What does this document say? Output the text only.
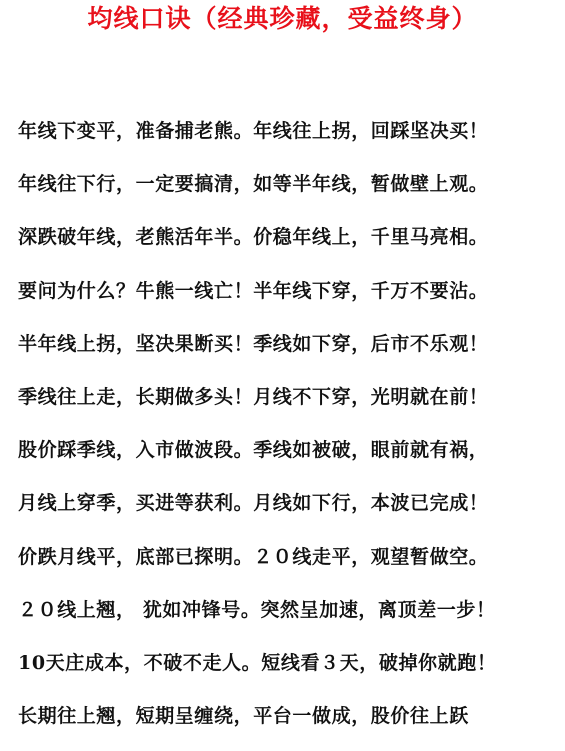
均线口诀（经典珍藏，受益终身）
年线下变平，准备捕老熊。年线往上拐，回踩坚决买！
年线往下行，一定要搞清，如等半年线，暂做壁上观。
深跌破年线，老熊活年半。价稳年线上，千里马亮相。
要问为什么？牛熊一线亡！半年线下穿，千万不要沾。
半年线上拐，坚决果断买！季线如下穿，后市不乐观！
季线往上走，长期做多头！月线不下穿，光明就在前！
股价踩季线，入市做波段。季线如被破，眼前就有祸，
月线上穿季，买进等获利。月线如下行，本波已完成！
价跌月线平，底部已探明。２０线走平，观望暂做空。
２０线上翘， 犹如冲锋号。突然呈加速，离顶差一步！
10天庄成本，不破不走人。短线看３天，破掉你就跑！
长期往上翘，短期呈缠绕，平台一做成，股价往上跃
